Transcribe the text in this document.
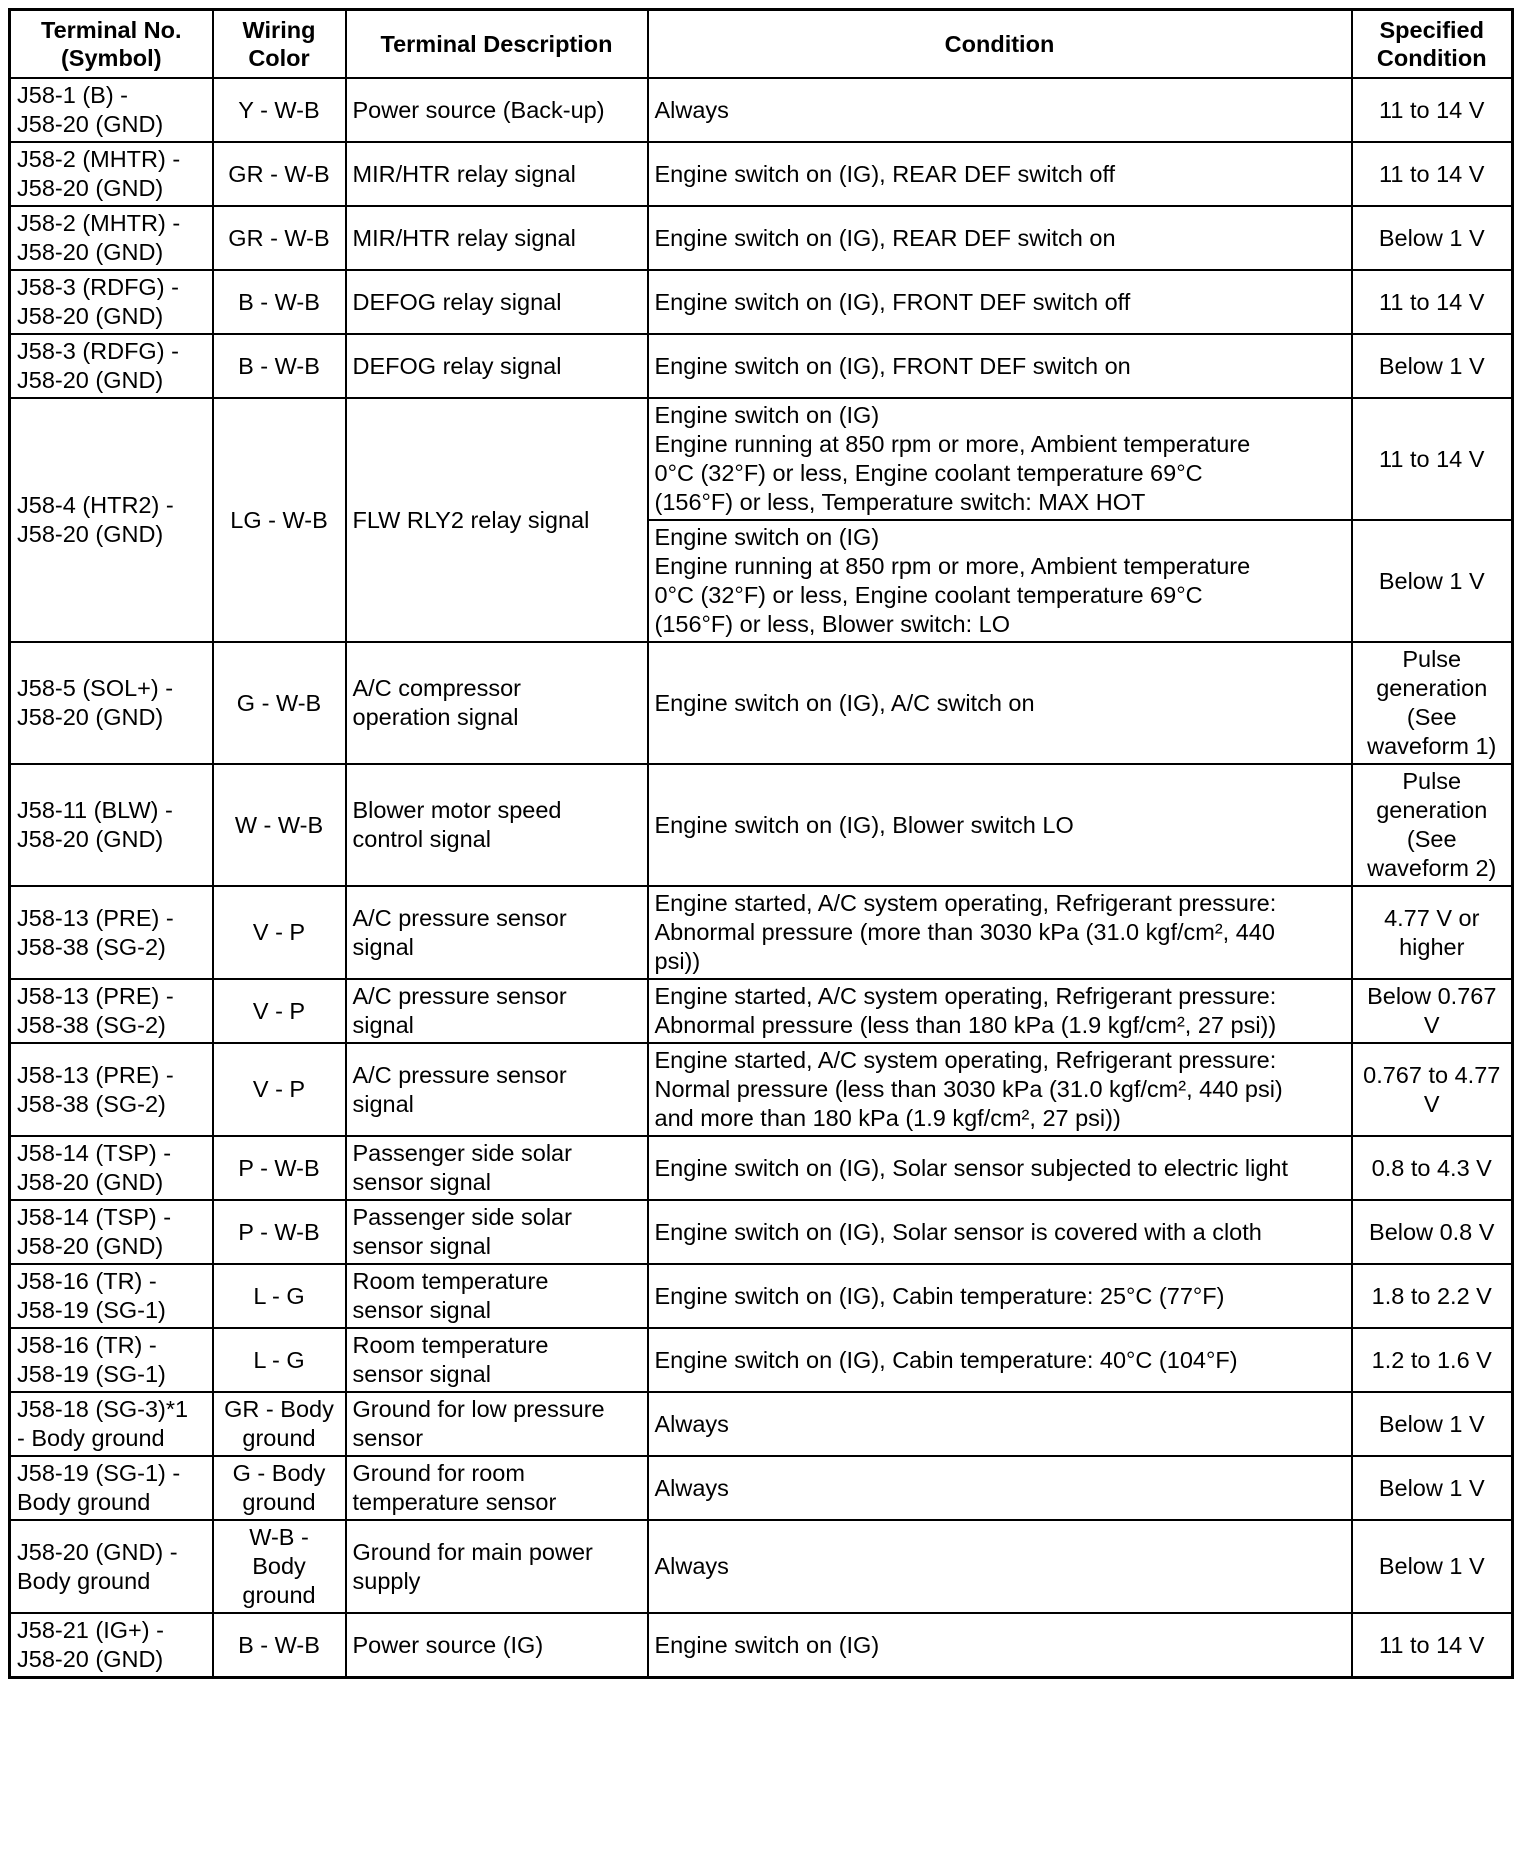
Terminal No.
(Symbol)	Wiring
Color	Terminal Description	Condition	Specified
Condition

J58-1 (B) -
J58-20 (GND)	Y - W-B	Power source (Back-up)	Always	11 to 14 V

J58-2 (MHTR) -
J58-20 (GND)	GR - W-B	MIR/HTR relay signal	Engine switch on (IG), REAR DEF switch off	11 to 14 V

J58-2 (MHTR) -
J58-20 (GND)	GR - W-B	MIR/HTR relay signal	Engine switch on (IG), REAR DEF switch on	Below 1 V

J58-3 (RDFG) -
J58-20 (GND)	B - W-B	DEFOG relay signal	Engine switch on (IG), FRONT DEF switch off	11 to 14 V

J58-3 (RDFG) -
J58-20 (GND)	B - W-B	DEFOG relay signal	Engine switch on (IG), FRONT DEF switch on	Below 1 V

J58-4 (HTR2) -
J58-20 (GND)	LG - W-B	FLW RLY2 relay signal	Engine switch on (IG)
Engine running at 850 rpm or more, Ambient temperature
0°C (32°F) or less, Engine coolant temperature 69°C
(156°F) or less, Temperature switch: MAX HOT	11 to 14 V

			Engine switch on (IG)
Engine running at 850 rpm or more, Ambient temperature
0°C (32°F) or less, Engine coolant temperature 69°C
(156°F) or less, Blower switch: LO	Below 1 V

J58-5 (SOL+) -
J58-20 (GND)	G - W-B	A/C compressor
operation signal	Engine switch on (IG), A/C switch on	Pulse
generation
(See
waveform 1)

J58-11 (BLW) -
J58-20 (GND)	W - W-B	Blower motor speed
control signal	Engine switch on (IG), Blower switch LO	Pulse
generation
(See
waveform 2)

J58-13 (PRE) -
J58-38 (SG-2)	V - P	A/C pressure sensor
signal	Engine started, A/C system operating, Refrigerant pressure:
Abnormal pressure (more than 3030 kPa (31.0 kgf/cm², 440
psi))	4.77 V or
higher

J58-13 (PRE) -
J58-38 (SG-2)	V - P	A/C pressure sensor
signal	Engine started, A/C system operating, Refrigerant pressure:
Abnormal pressure (less than 180 kPa (1.9 kgf/cm², 27 psi))	Below 0.767
V

J58-13 (PRE) -
J58-38 (SG-2)	V - P	A/C pressure sensor
signal	Engine started, A/C system operating, Refrigerant pressure:
Normal pressure (less than 3030 kPa (31.0 kgf/cm², 440 psi)
and more than 180 kPa (1.9 kgf/cm², 27 psi))	0.767 to 4.77
V

J58-14 (TSP) -
J58-20 (GND)	P - W-B	Passenger side solar
sensor signal	Engine switch on (IG), Solar sensor subjected to electric light	0.8 to 4.3 V

J58-14 (TSP) -
J58-20 (GND)	P - W-B	Passenger side solar
sensor signal	Engine switch on (IG), Solar sensor is covered with a cloth	Below 0.8 V

J58-16 (TR) -
J58-19 (SG-1)	L - G	Room temperature
sensor signal	Engine switch on (IG), Cabin temperature: 25°C (77°F)	1.8 to 2.2 V

J58-16 (TR) -
J58-19 (SG-1)	L - G	Room temperature
sensor signal	Engine switch on (IG), Cabin temperature: 40°C (104°F)	1.2 to 1.6 V

J58-18 (SG-3)*1
- Body ground	GR - Body
ground	Ground for low pressure
sensor	Always	Below 1 V

J58-19 (SG-1) -
Body ground	G - Body
ground	Ground for room
temperature sensor	Always	Below 1 V

J58-20 (GND) -
Body ground	W-B -
Body
ground	Ground for main power
supply	Always	Below 1 V

J58-21 (IG+) -
J58-20 (GND)	B - W-B	Power source (IG)	Engine switch on (IG)	11 to 14 V
